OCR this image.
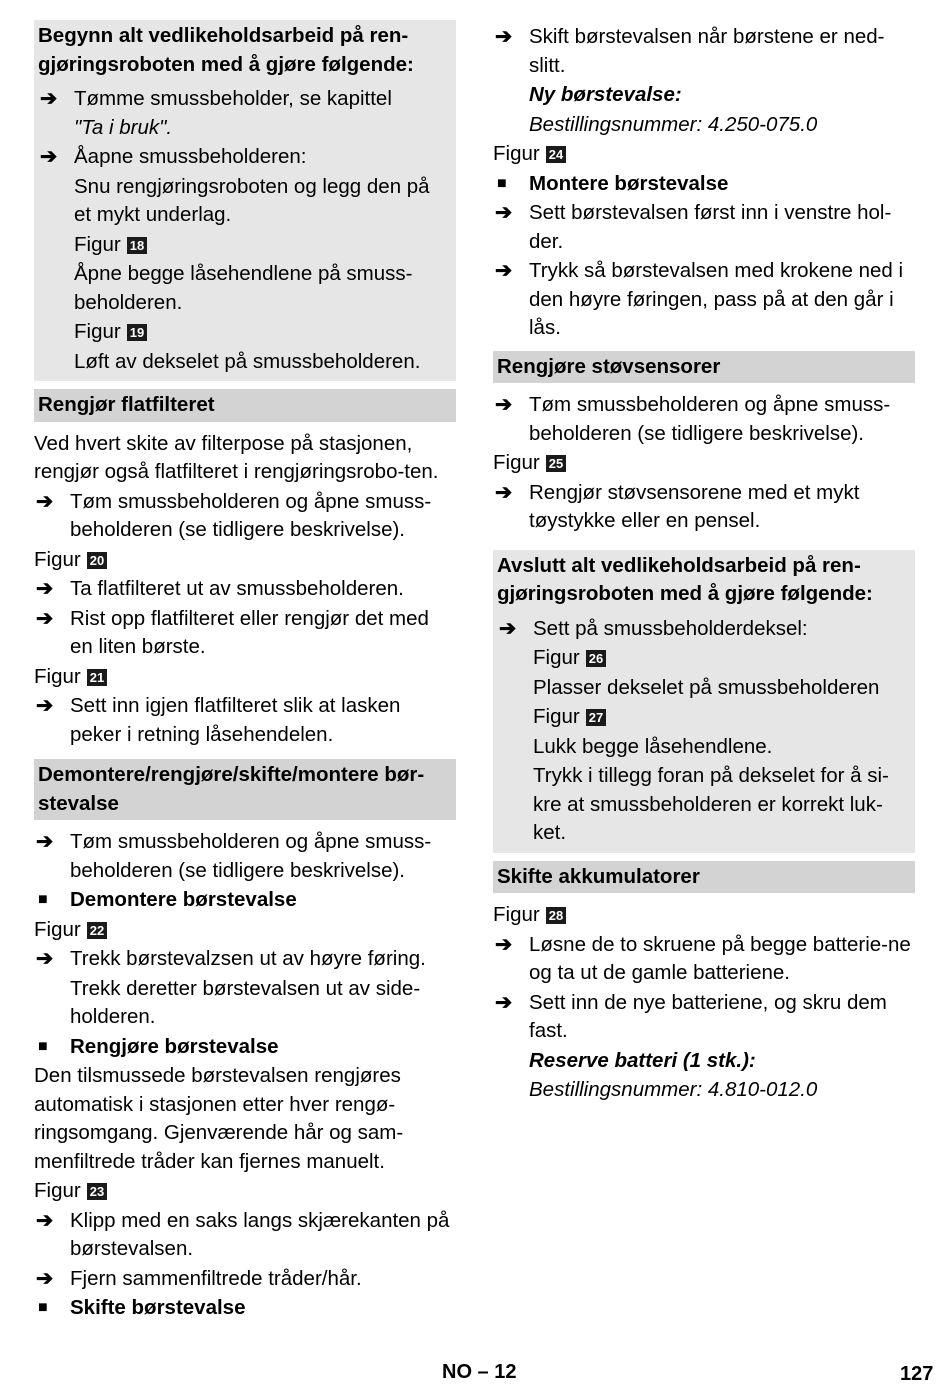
Begynn alt vedlikeholdsarbeid på ren-gjøringsroboten med å gjøre følgende:
➔ Tømme smussbeholder, se kapittel
"Ta i bruk".
➔ Åapne smussbeholderen:
Snu rengjøringsroboten og legg den på et mykt underlag.
Figur 18
Åpne begge låsehendlene på smuss-beholderen.
Figur 19
Løft av dekselet på smussbeholderen.
Rengjør flatfilteret
Ved hvert skite av filterpose på stasjonen, rengjør også flatfilteret i rengjøringsrobo-ten.
➔ Tøm smussbeholderen og åpne smuss-beholderen (se tidligere beskrivelse).
Figur 20
➔ Ta flatfilteret ut av smussbeholderen.
➔ Rist opp flatfilteret eller rengjør det med en liten børste.
Figur 21
➔ Sett inn igjen flatfilteret slik at lasken peker i retning låsehendelen.
Demontere/rengjøre/skifte/montere bør-stevalse
➔ Tøm smussbeholderen og åpne smuss-beholderen (se tidligere beskrivelse).
■ Demontere børstevalse
Figur 22
➔ Trekk børstevalzsen ut av høyre føring.
Trekk deretter børstevalsen ut av side-holderen.
■ Rengjøre børstevalse
Den tilsmussede børstevalsen rengjøres automatisk i stasjonen etter hver rengø-ringsomgang. Gjenværende hår og sam-menfiltrede tråder kan fjernes manuelt.
Figur 23
➔ Klipp med en saks langs skjærekanten på børstevalsen.
➔ Fjern sammenfiltrede tråder/hår.
■ Skifte børstevalse
➔ Skift børstevalsen når børstene er ned-slitt.
Ny børstevalse:
Bestillingsnummer: 4.250-075.0
Figur 24
■ Montere børstevalse
➔ Sett børstevalsen først inn i venstre hol-der.
➔ Trykk så børstevalsen med krokene ned i den høyre føringen, pass på at den går i lås.
Rengjøre støvsensorer
➔ Tøm smussbeholderen og åpne smuss-beholderen (se tidligere beskrivelse).
Figur 25
➔ Rengjør støvsensorene med et mykt tøystykke eller en pensel.
Avslutt alt vedlikeholdsarbeid på ren-gjøringsroboten med å gjøre følgende:
➔ Sett på smussbeholderdeksel:
Figur 26
Plasser dekselet på smussbeholderen
Figur 27
Lukk begge låsehendlene.
Trykk i tillegg foran på dekselet for å si-kre at smussbeholderen er korrekt luk-ket.
Skifte akkumulatorer
Figur 28
➔ Løsne de to skruene på begge batterie-ne og ta ut de gamle batteriene.
➔ Sett inn de nye batteriene, og skru dem fast.
Reserve batteri (1 stk.):
Bestillingsnummer: 4.810-012.0
NO – 12	127
